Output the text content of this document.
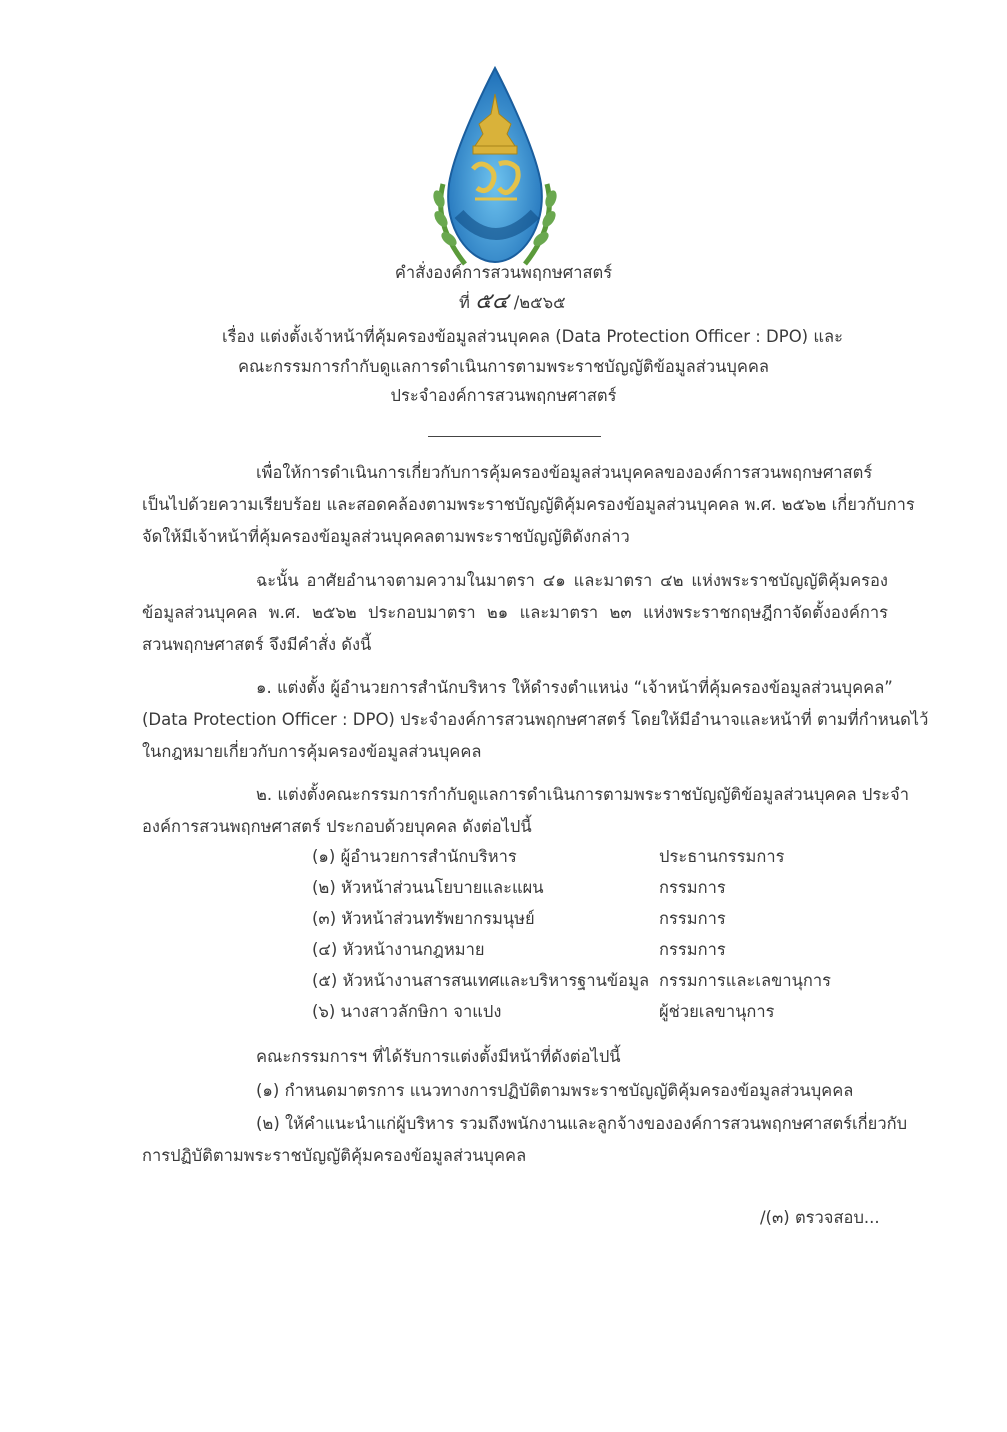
คำสั่งองค์การสวนพฤกษศาสตร์
ที่ ๕๔ /๒๕๖๕
เรื่อง แต่งตั้งเจ้าหน้าที่คุ้มครองข้อมูลส่วนบุคคล (Data Protection Officer : DPO) และ
คณะกรรมการกำกับดูแลการดำเนินการตามพระราชบัญญัติข้อมูลส่วนบุคคล
ประจำองค์การสวนพฤกษศาสตร์
เพื่อให้การดำเนินการเกี่ยวกับการคุ้มครองข้อมูลส่วนบุคคลขององค์การสวนพฤกษศาสตร์
เป็นไปด้วยความเรียบร้อย และสอดคล้องตามพระราชบัญญัติคุ้มครองข้อมูลส่วนบุคคล พ.ศ. ๒๕๖๒ เกี่ยวกับการ
จัดให้มีเจ้าหน้าที่คุ้มครองข้อมูลส่วนบุคคลตามพระราชบัญญัติดังกล่าว
ฉะนั้น อาศัยอำนาจตามความในมาตรา ๔๑ และมาตรา ๔๒ แห่งพระราชบัญญัติคุ้มครอง
ข้อมูลส่วนบุคคล พ.ศ. ๒๕๖๒ ประกอบมาตรา ๒๑ และมาตรา ๒๓ แห่งพระราชกฤษฎีกาจัดตั้งองค์การ
สวนพฤกษศาสตร์ จึงมีคำสั่ง ดังนี้
๑. แต่งตั้ง ผู้อำนวยการสำนักบริหาร ให้ดำรงตำแหน่ง “เจ้าหน้าที่คุ้มครองข้อมูลส่วนบุคคล”
(Data Protection Officer : DPO) ประจำองค์การสวนพฤกษศาสตร์ โดยให้มีอำนาจและหน้าที่ ตามที่กำหนดไว้
ในกฎหมายเกี่ยวกับการคุ้มครองข้อมูลส่วนบุคคล
๒. แต่งตั้งคณะกรรมการกำกับดูแลการดำเนินการตามพระราชบัญญัติข้อมูลส่วนบุคคล ประจำ
องค์การสวนพฤกษศาสตร์ ประกอบด้วยบุคคล ดังต่อไปนี้
(๑) ผู้อำนวยการสำนักบริหาร	ประธานกรรมการ
(๒) หัวหน้าส่วนนโยบายและแผน	กรรมการ
(๓) หัวหน้าส่วนทรัพยากรมนุษย์	กรรมการ
(๔) หัวหน้างานกฎหมาย	กรรมการ
(๕) หัวหน้างานสารสนเทศและบริหารฐานข้อมูล กรรมการและเลขานุการ
(๖) นางสาวลักษิกา จาแปง	ผู้ช่วยเลขานุการ
คณะกรรมการฯ ที่ได้รับการแต่งตั้งมีหน้าที่ดังต่อไปนี้
(๑) กำหนดมาตรการ แนวทางการปฏิบัติตามพระราชบัญญัติคุ้มครองข้อมูลส่วนบุคคล
(๒) ให้คำแนะนำแก่ผู้บริหาร รวมถึงพนักงานและลูกจ้างขององค์การสวนพฤกษศาสตร์เกี่ยวกับ
การปฏิบัติตามพระราชบัญญัติคุ้มครองข้อมูลส่วนบุคคล
/(๓) ตรวจสอบ...
